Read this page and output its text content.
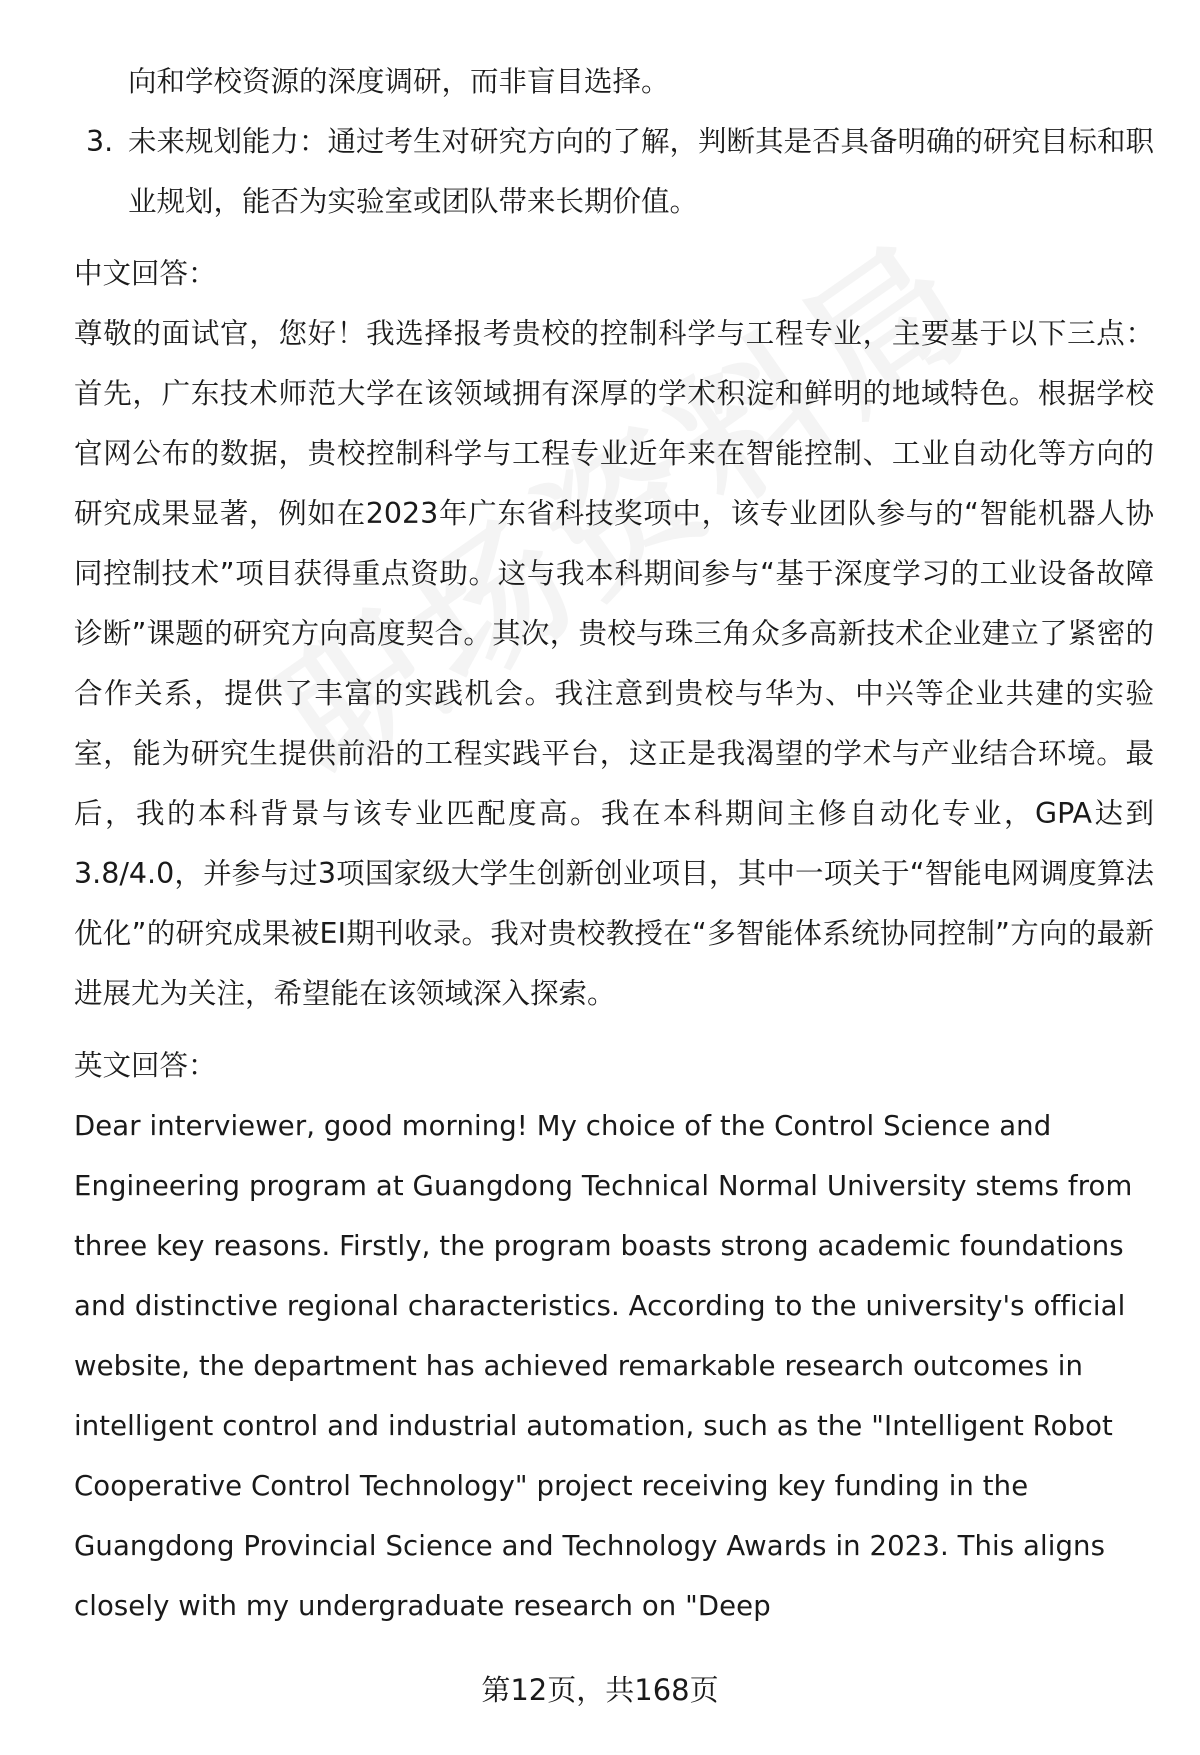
向和学校资源的深度调研，而非盲目选择。
3. 未来规划能力：通过考生对研究方向的了解，判断其是否具备明确的研究目标和职业规划，能否为实验室或团队带来长期价值。
中文回答：

尊敬的面试官，您好！我选择报考贵校的控制科学与工程专业，主要基于以下三点：首先，广东技术师范大学在该领域拥有深厚的学术积淀和鲜明的地域特色。根据学校官网公布的数据，贵校控制科学与工程专业近年来在智能控制、工业自动化等方向的研究成果显著，例如在2023年广东省科技奖项中，该专业团队参与的“智能机器人协同控制技术”项目获得重点资助。这与我本科期间参与“基于深度学习的工业设备故障诊断”课题的研究方向高度契合。其次，贵校与珠三角众多高新技术企业建立了紧密的合作关系，提供了丰富的实践机会。我注意到贵校与华为、中兴等企业共建的实验室，能为研究生提供前沿的工程实践平台，这正是我渴望的学术与产业结合环境。最后，我的本科背景与该专业匹配度高。我在本科期间主修自动化专业，GPA达到3.8/4.0，并参与过3项国家级大学生创新创业项目，其中一项关于“智能电网调度算法优化”的研究成果被EI期刊收录。我对贵校教授在“多智能体系统协同控制”方向的最新进展尤为关注，希望能在该领域深入探索。

英文回答：

Dear interviewer, good morning! My choice of the Control Science and Engineering program at Guangdong Technical Normal University stems from three key reasons. Firstly, the program boasts strong academic foundations and distinctive regional characteristics. According to the university's official website, the department has achieved remarkable research outcomes in intelligent control and industrial automation, such as the "Intelligent Robot Cooperative Control Technology" project receiving key funding in the Guangdong Provincial Science and Technology Awards in 2023. This aligns closely with my undergraduate research on "Deep

第12页，共168页
